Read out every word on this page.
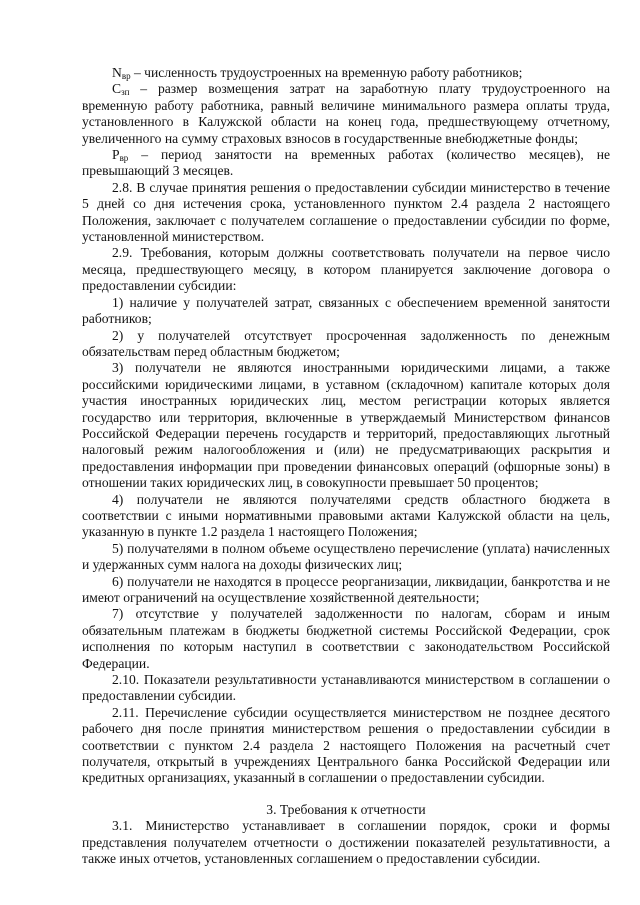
$N_{вр}$ – численность трудоустроенных на временную работу работников;

$C_{зп}$ – размер возмещения затрат на заработную плату трудоустроенного на временную работу работника, равный величине минимального размера оплаты труда, установленного в Калужской области на конец года, предшествующему отчетному, увеличенного на сумму страховых взносов в государственные внебюджетные фонды;

$P_{вр}$ – период занятости на временных работах (количество месяцев), не превышающий 3 месяцев.

2.8. В случае принятия решения о предоставлении субсидии министерство в течение 5 дней со дня истечения срока, установленного пунктом 2.4 раздела 2 настоящего Положения, заключает с получателем соглашение о предоставлении субсидии по форме, установленной министерством.

2.9. Требования, которым должны соответствовать получатели на первое число месяца, предшествующего месяцу, в котором планируется заключение договора о предоставлении субсидии:

1) наличие у получателей затрат, связанных с обеспечением временной занятости работников;

2) у получателей отсутствует просроченная задолженность по денежным обязательствам перед областным бюджетом;

3) получатели не являются иностранными юридическими лицами, а также российскими юридическими лицами, в уставном (складочном) капитале которых доля участия иностранных юридических лиц, местом регистрации которых является государство или территория, включенные в утверждаемый Министерством финансов Российской Федерации перечень государств и территорий, предоставляющих льготный налоговый режим налогообложения и (или) не предусматривающих раскрытия и предоставления информации при проведении финансовых операций (офшорные зоны) в отношении таких юридических лиц, в совокупности превышает 50 процентов;

4) получатели не являются получателями средств областного бюджета в соответствии с иными нормативными правовыми актами Калужской области на цель, указанную в пункте 1.2 раздела 1 настоящего Положения;

5) получателями в полном объеме осуществлено перечисление (уплата) начисленных и удержанных сумм налога на доходы физических лиц;

6) получатели не находятся в процессе реорганизации, ликвидации, банкротства и не имеют ограничений на осуществление хозяйственной деятельности;

7) отсутствие у получателей задолженности по налогам, сборам и иным обязательным платежам в бюджеты бюджетной системы Российской Федерации, срок исполнения по которым наступил в соответствии с законодательством Российской Федерации.

2.10. Показатели результативности устанавливаются министерством в соглашении о предоставлении субсидии.

2.11. Перечисление субсидии осуществляется министерством не позднее десятого рабочего дня после принятия министерством решения о предоставлении субсидии в соответствии с пунктом 2.4 раздела 2 настоящего Положения на расчетный счет получателя, открытый в учреждениях Центрального банка Российской Федерации или кредитных организациях, указанный в соглашении о предоставлении субсидии.

3. Требования к отчетности

3.1. Министерство устанавливает в соглашении порядок, сроки и формы представления получателем отчетности о достижении показателей результативности, а также иных отчетов, установленных соглашением о предоставлении субсидии.
